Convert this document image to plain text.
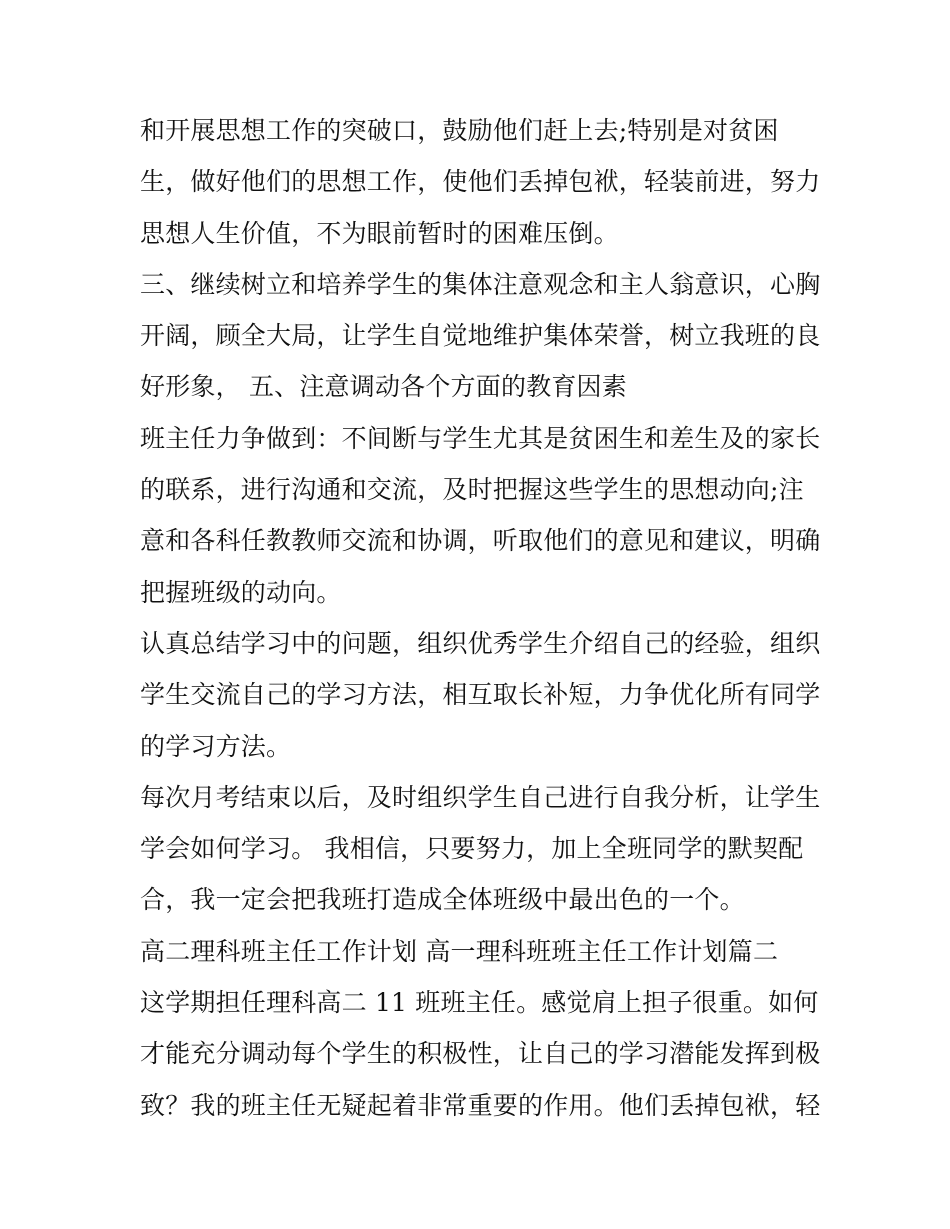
和开展思想工作的突破口，鼓励他们赶上去;特别是对贫困
生，做好他们的思想工作，使他们丢掉包袱，轻装前进，努力
思想人生价值，不为眼前暂时的困难压倒。
三、继续树立和培养学生的集体注意观念和主人翁意识，心胸
开阔，顾全大局，让学生自觉地维护集体荣誉，树立我班的良
好形象， 五、注意调动各个方面的教育因素
班主任力争做到：不间断与学生尤其是贫困生和差生及的家长
的联系，进行沟通和交流，及时把握这些学生的思想动向;注
意和各科任教教师交流和协调，听取他们的意见和建议，明确
把握班级的动向。
认真总结学习中的问题，组织优秀学生介绍自己的经验，组织
学生交流自己的学习方法，相互取长补短，力争优化所有同学
的学习方法。
每次月考结束以后，及时组织学生自己进行自我分析，让学生
学会如何学习。 我相信，只要努力，加上全班同学的默契配
合，我一定会把我班打造成全体班级中最出色的一个。
高二理科班主任工作计划 高一理科班班主任工作计划篇二
这学期担任理科高二 11 班班主任。感觉肩上担子很重。如何
才能充分调动每个学生的积极性，让自己的学习潜能发挥到极
致？我的班主任无疑起着非常重要的作用。他们丢掉包袱，轻
